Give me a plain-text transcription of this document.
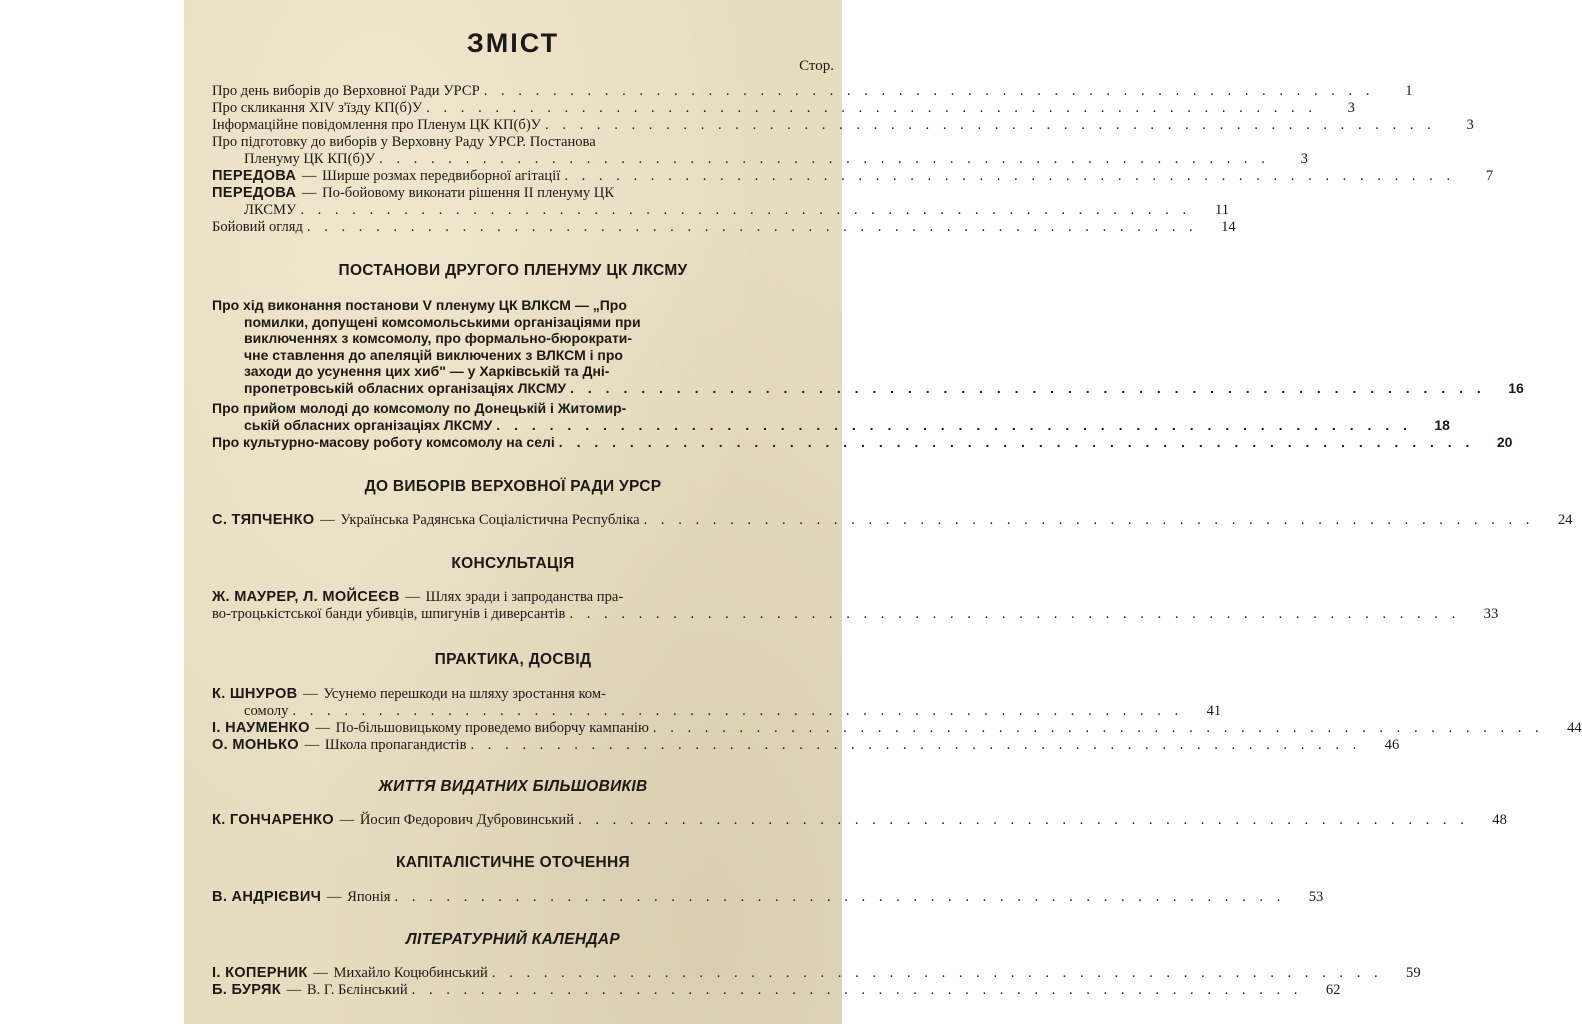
ЗМІСТ
Стор.
Про день виборів до Верховної Ради УРСР . . . . . . . . . . . . . . . . . . . . . . . . . . . . . . . . . . . . . . . . . . . . . . . . . . . .	1
Про скликання XIV з'їзду КП(б)У . . . . . . . . . . . . . . . . . . . . . . . . . . . . . . . . . . . . . . . . . . . . . . . . . . . .	3
Інформаційне повідомлення про Пленум ЦК КП(б)У . . . . . . . . . . . . . . . . . . . . . . . . . . . . . . . . . . . . . . . . . . . . . . . . . . . .	3
Про підготовку до виборів у Верховну Раду УРСР. Постанова
Пленуму ЦК КП(б)У . . . . . . . . . . . . . . . . . . . . . . . . . . . . . . . . . . . . . . . . . . . . . . . . . . . .	3
ПЕРЕДОВА — Ширше розмах передвиборної агітації . . . . . . . . . . . . . . . . . . . . . . . . . . . . . . . . . . . . . . . . . . . . . . . . . . . .	7
ПЕРЕДОВА — По-бойовому виконати рішення ІІ пленуму ЦК
ЛКСМУ . . . . . . . . . . . . . . . . . . . . . . . . . . . . . . . . . . . . . . . . . . . . . . . . . . . .	11
Бойовий огляд . . . . . . . . . . . . . . . . . . . . . . . . . . . . . . . . . . . . . . . . . . . . . . . . . . . .	14
ПОСТАНОВИ ДРУГОГО ПЛЕНУМУ ЦК ЛКСМУ
Про хід виконання постанови V пленуму ЦК ВЛКСМ — „Про
помилки, допущені комсомольськими організаціями при
виключеннях з комсомолу, про формально-бюрократи-
чне ставлення до апеляцій виключених з ВЛКСМ і про
заходи до усунення цих хиб" — у Харківській та Дні-
пропетровській обласних організаціях ЛКСМУ . . . . . . . . . . . . . . . . . . . . . . . . . . . . . . . . . . . . . . . . . . . . . . . . . . . .	16
Про прийом молоді до комсомолу по Донецькій і Житомир-
ській обласних організаціях ЛКСМУ . . . . . . . . . . . . . . . . . . . . . . . . . . . . . . . . . . . . . . . . . . . . . . . . . . . .	18
Про культурно-масову роботу комсомолу на селі . . . . . . . . . . . . . . . . . . . . . . . . . . . . . . . . . . . . . . . . . . . . . . . . . . . .	20
ДО ВИБОРІВ ВЕРХОВНОЇ РАДИ УРСР
С. ТЯПЧЕНКО — Українська Радянська Соціалістична Республіка . . . . . . . . . . . . . . . . . . . . . . . . . . . . . . . . . . . . . . . . . . . . . . . . . . . .	24
КОНСУЛЬТАЦІЯ
Ж. МАУРЕР, Л. МОЙСЕЄВ — Шлях зради і запроданства пра-
во-троцькістської банди убивців, шпигунів і диверсантів . . . . . . . . . . . . . . . . . . . . . . . . . . . . . . . . . . . . . . . . . . . . . . . . . . . .	33
ПРАКТИКА, ДОСВІД
К. ШНУРОВ — Усунемо перешкоди на шляху зростання ком-
сомолу . . . . . . . . . . . . . . . . . . . . . . . . . . . . . . . . . . . . . . . . . . . . . . . . . . . .	41
І. НАУМЕНКО — По-більшовицькому проведемо виборчу кампанію . . . . . . . . . . . . . . . . . . . . . . . . . . . . . . . . . . . . . . . . . . . . . . . . . . . .	44
О. МОНЬКО — Школа пропагандистів . . . . . . . . . . . . . . . . . . . . . . . . . . . . . . . . . . . . . . . . . . . . . . . . . . . .	46
ЖИТТЯ ВИДАТНИХ БІЛЬШОВИКІВ
К. ГОНЧАРЕНКО — Йосип Федорович Дубровинський . . . . . . . . . . . . . . . . . . . . . . . . . . . . . . . . . . . . . . . . . . . . . . . . . . . .	48
КАПІТАЛІСТИЧНЕ ОТОЧЕННЯ
В. АНДРІЄВИЧ — Японія . . . . . . . . . . . . . . . . . . . . . . . . . . . . . . . . . . . . . . . . . . . . . . . . . . . .	53
ЛІТЕРАТУРНИЙ КАЛЕНДАР
І. КОПЕРНИК — Михайло Коцюбинський . . . . . . . . . . . . . . . . . . . . . . . . . . . . . . . . . . . . . . . . . . . . . . . . . . . .	59
Б. БУРЯК — В. Г. Бєлінський . . . . . . . . . . . . . . . . . . . . . . . . . . . . . . . . . . . . . . . . . . . . . . . . . . . .	62
